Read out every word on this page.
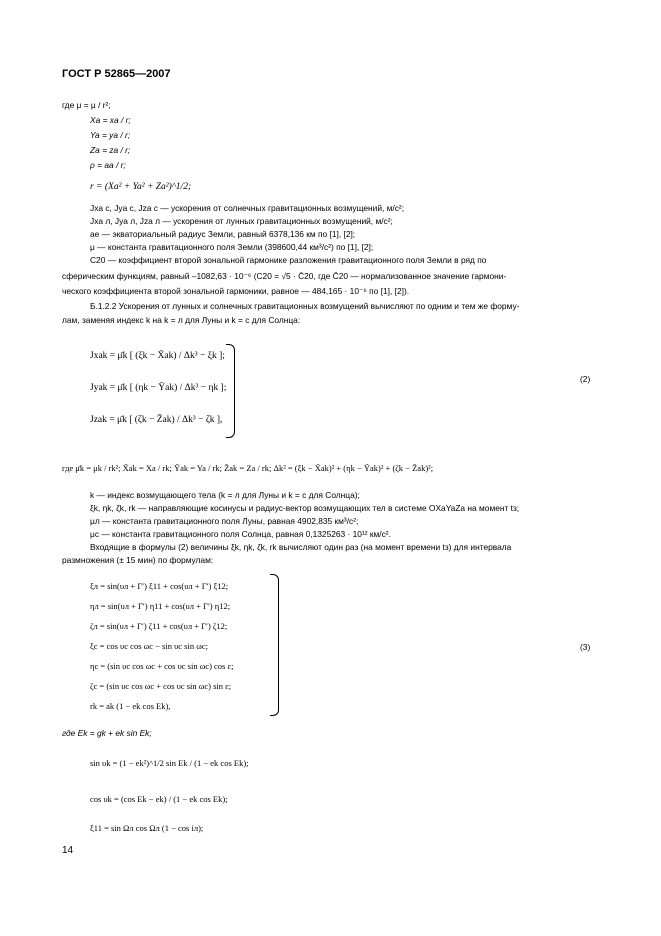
ГОСТ Р 52865—2007
где μ = μ / r²;
Xa = xa / r;
Ya = ya / r;
Za = za / r;
ρ = aa / r;
r = (Xa² + Ya² + Za²)^1/2;
Jxa с, Jya с, Jza с — ускорения от солнечных гравитационных возмущений, м/с²;
Jxa л, Jya л, Jza л — ускорения от лунных гравитационных возмущений, м/с²;
ae — экваториальный радиус Земли, равный 6378,136 км по [1], [2];
μ — константа гравитационного поля Земли (398600,44 км³/с²) по [1], [2];
C20 — коэффициент второй зональной гармонике разложения гравитационного поля Земли в ряд по
сферическим функциям, равный –1082,63 · 10⁻⁶ (C20 = √5 · C̄20, где C̄20 — нормализованное значение гармони-
ческого коэффициента второй зональной гармоники, равное — 484,165 · 10⁻⁶ по [1], [2]).
Б.1.2.2 Ускорения от лунных и солнечных гравитационных возмущений вычисляют по одним и тем же форму-
лам, заменяя индекс k на k = л для Луны и k = с для Солнца:
Jxak = μ̄k [ (ξk − X̄ak) / Δk³ − ξk ];
Jyak = μ̄k [ (ηk − Ȳak) / Δk³ − ηk ];
Jzak = μ̄k [ (ζk − Z̄ak) / Δk³ − ζk ],
(2)
где μ̄k = μk / rk²; X̄ak = Xa / rk; Ȳak = Ya / rk; Z̄ak = Za / rk; Δk² = (ξk − X̄ak)² + (ηk − Ȳak)² + (ζk − Z̄ak)²;
k — индекс возмущающего тела (k = л для Луны и k = с для Солнца);
ξk, ηk, ζk, rk — направляющие косинусы и радиус-вектор возмущающих тел в системе OXaYaZa на момент tз;
μл — константа гравитационного поля Луны, равная 4902,835 км³/с²;
μс — константа гравитационного поля Солнца, равная 0,1325263 · 10¹² км/с².
Входящие в формулы (2) величины ξk, ηk, ζk, rk вычисляют один раз (на момент времени tз) для интервала
размножения (± 15 мин) по формулам:
ξл = sin(υл + Г′) ξ11 + cos(υл + Г′) ξ12;
ηл = sin(υл + Г′) η11 + cos(υл + Г′) η12;
ζл = sin(υл + Г′) ζ11 + cos(υл + Г′) ζ12;
ξс = cos υс cos ωс − sin υс sin ωс;
ηс = (sin υс cos ωс + cos υс sin ωс) cos ε;
ζс = (sin υс cos ωс + cos υс sin ωс) sin ε;
rk = ak (1 − ek cos Ek),
(3)
где Ek = gk + ek sin Ek;
sin υk = (1 − ek²)^1/2 sin Ek / (1 − ek cos Ek);
cos υk = (cos Ek − ek) / (1 − ek cos Ek);
ξ11 = sin Ωл cos Ωл (1 − cos iл);
14
